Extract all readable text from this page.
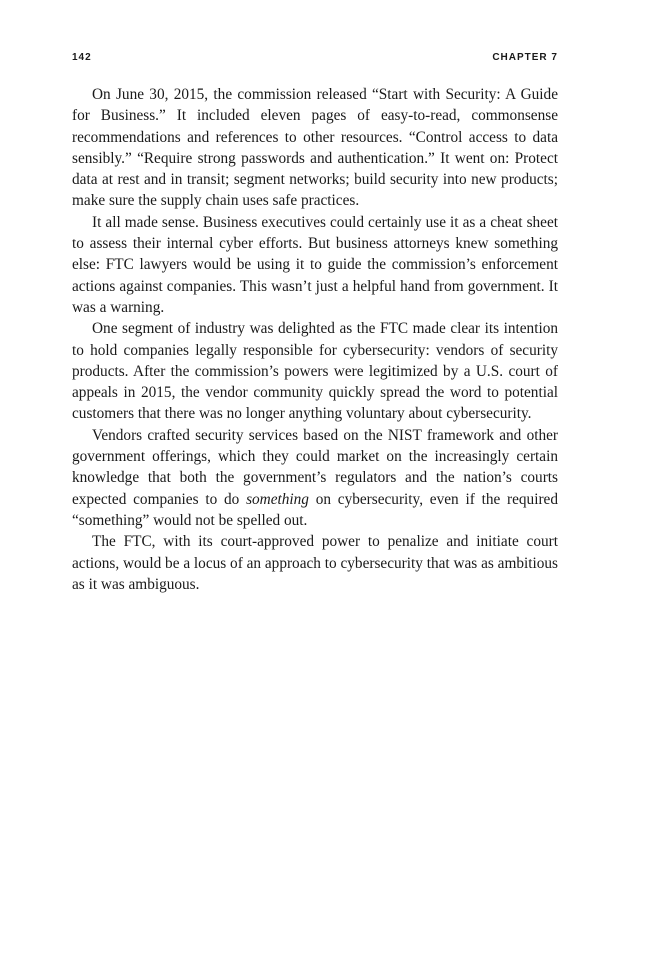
142	CHAPTER 7

On June 30, 2015, the commission released “Start with Security: A Guide for Business.” It included eleven pages of easy-to-read, commonsense recommendations and references to other resources. “Control access to data sensibly.” “Require strong passwords and authentication.” It went on: Protect data at rest and in transit; segment networks; build security into new products; make sure the supply chain uses safe practices.

It all made sense. Business executives could certainly use it as a cheat sheet to assess their internal cyber efforts. But business attorneys knew something else: FTC lawyers would be using it to guide the commission’s enforcement actions against companies. This wasn’t just a helpful hand from government. It was a warning.

One segment of industry was delighted as the FTC made clear its intention to hold companies legally responsible for cybersecurity: vendors of security products. After the commission’s powers were legitimized by a U.S. court of appeals in 2015, the vendor community quickly spread the word to potential customers that there was no longer anything voluntary about cybersecurity.

Vendors crafted security services based on the NIST framework and other government offerings, which they could market on the increasingly certain knowledge that both the government’s regulators and the nation’s courts expected companies to do something on cybersecurity, even if the required “something” would not be spelled out.

The FTC, with its court-approved power to penalize and initiate court actions, would be a locus of an approach to cybersecurity that was as ambitious as it was ambiguous.
